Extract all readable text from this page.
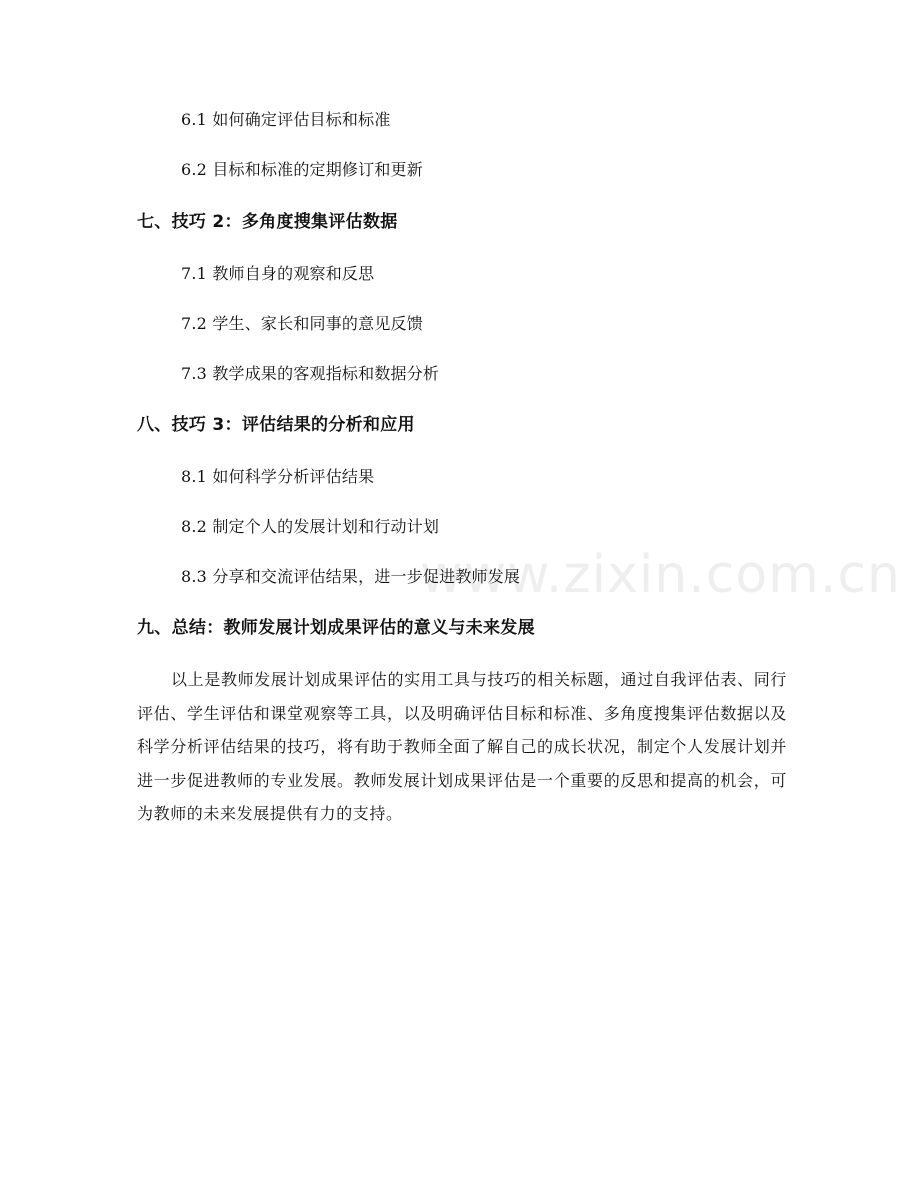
www.zixin.com.cn
6.1 如何确定评估目标和标准
6.2 目标和标准的定期修订和更新
七、技巧 2：多角度搜集评估数据
7.1 教师自身的观察和反思
7.2 学生、家长和同事的意见反馈
7.3 教学成果的客观指标和数据分析
八、技巧 3：评估结果的分析和应用
8.1 如何科学分析评估结果
8.2 制定个人的发展计划和行动计划
8.3 分享和交流评估结果，进一步促进教师发展
九、总结：教师发展计划成果评估的意义与未来发展
以上是教师发展计划成果评估的实用工具与技巧的相关标题，通过自我评估表、同行评估、学生评估和课堂观察等工具，以及明确评估目标和标准、多角度搜集评估数据以及科学分析评估结果的技巧，将有助于教师全面了解自己的成长状况，制定个人发展计划并进一步促进教师的专业发展。教师发展计划成果评估是一个重要的反思和提高的机会，可为教师的未来发展提供有力的支持。
